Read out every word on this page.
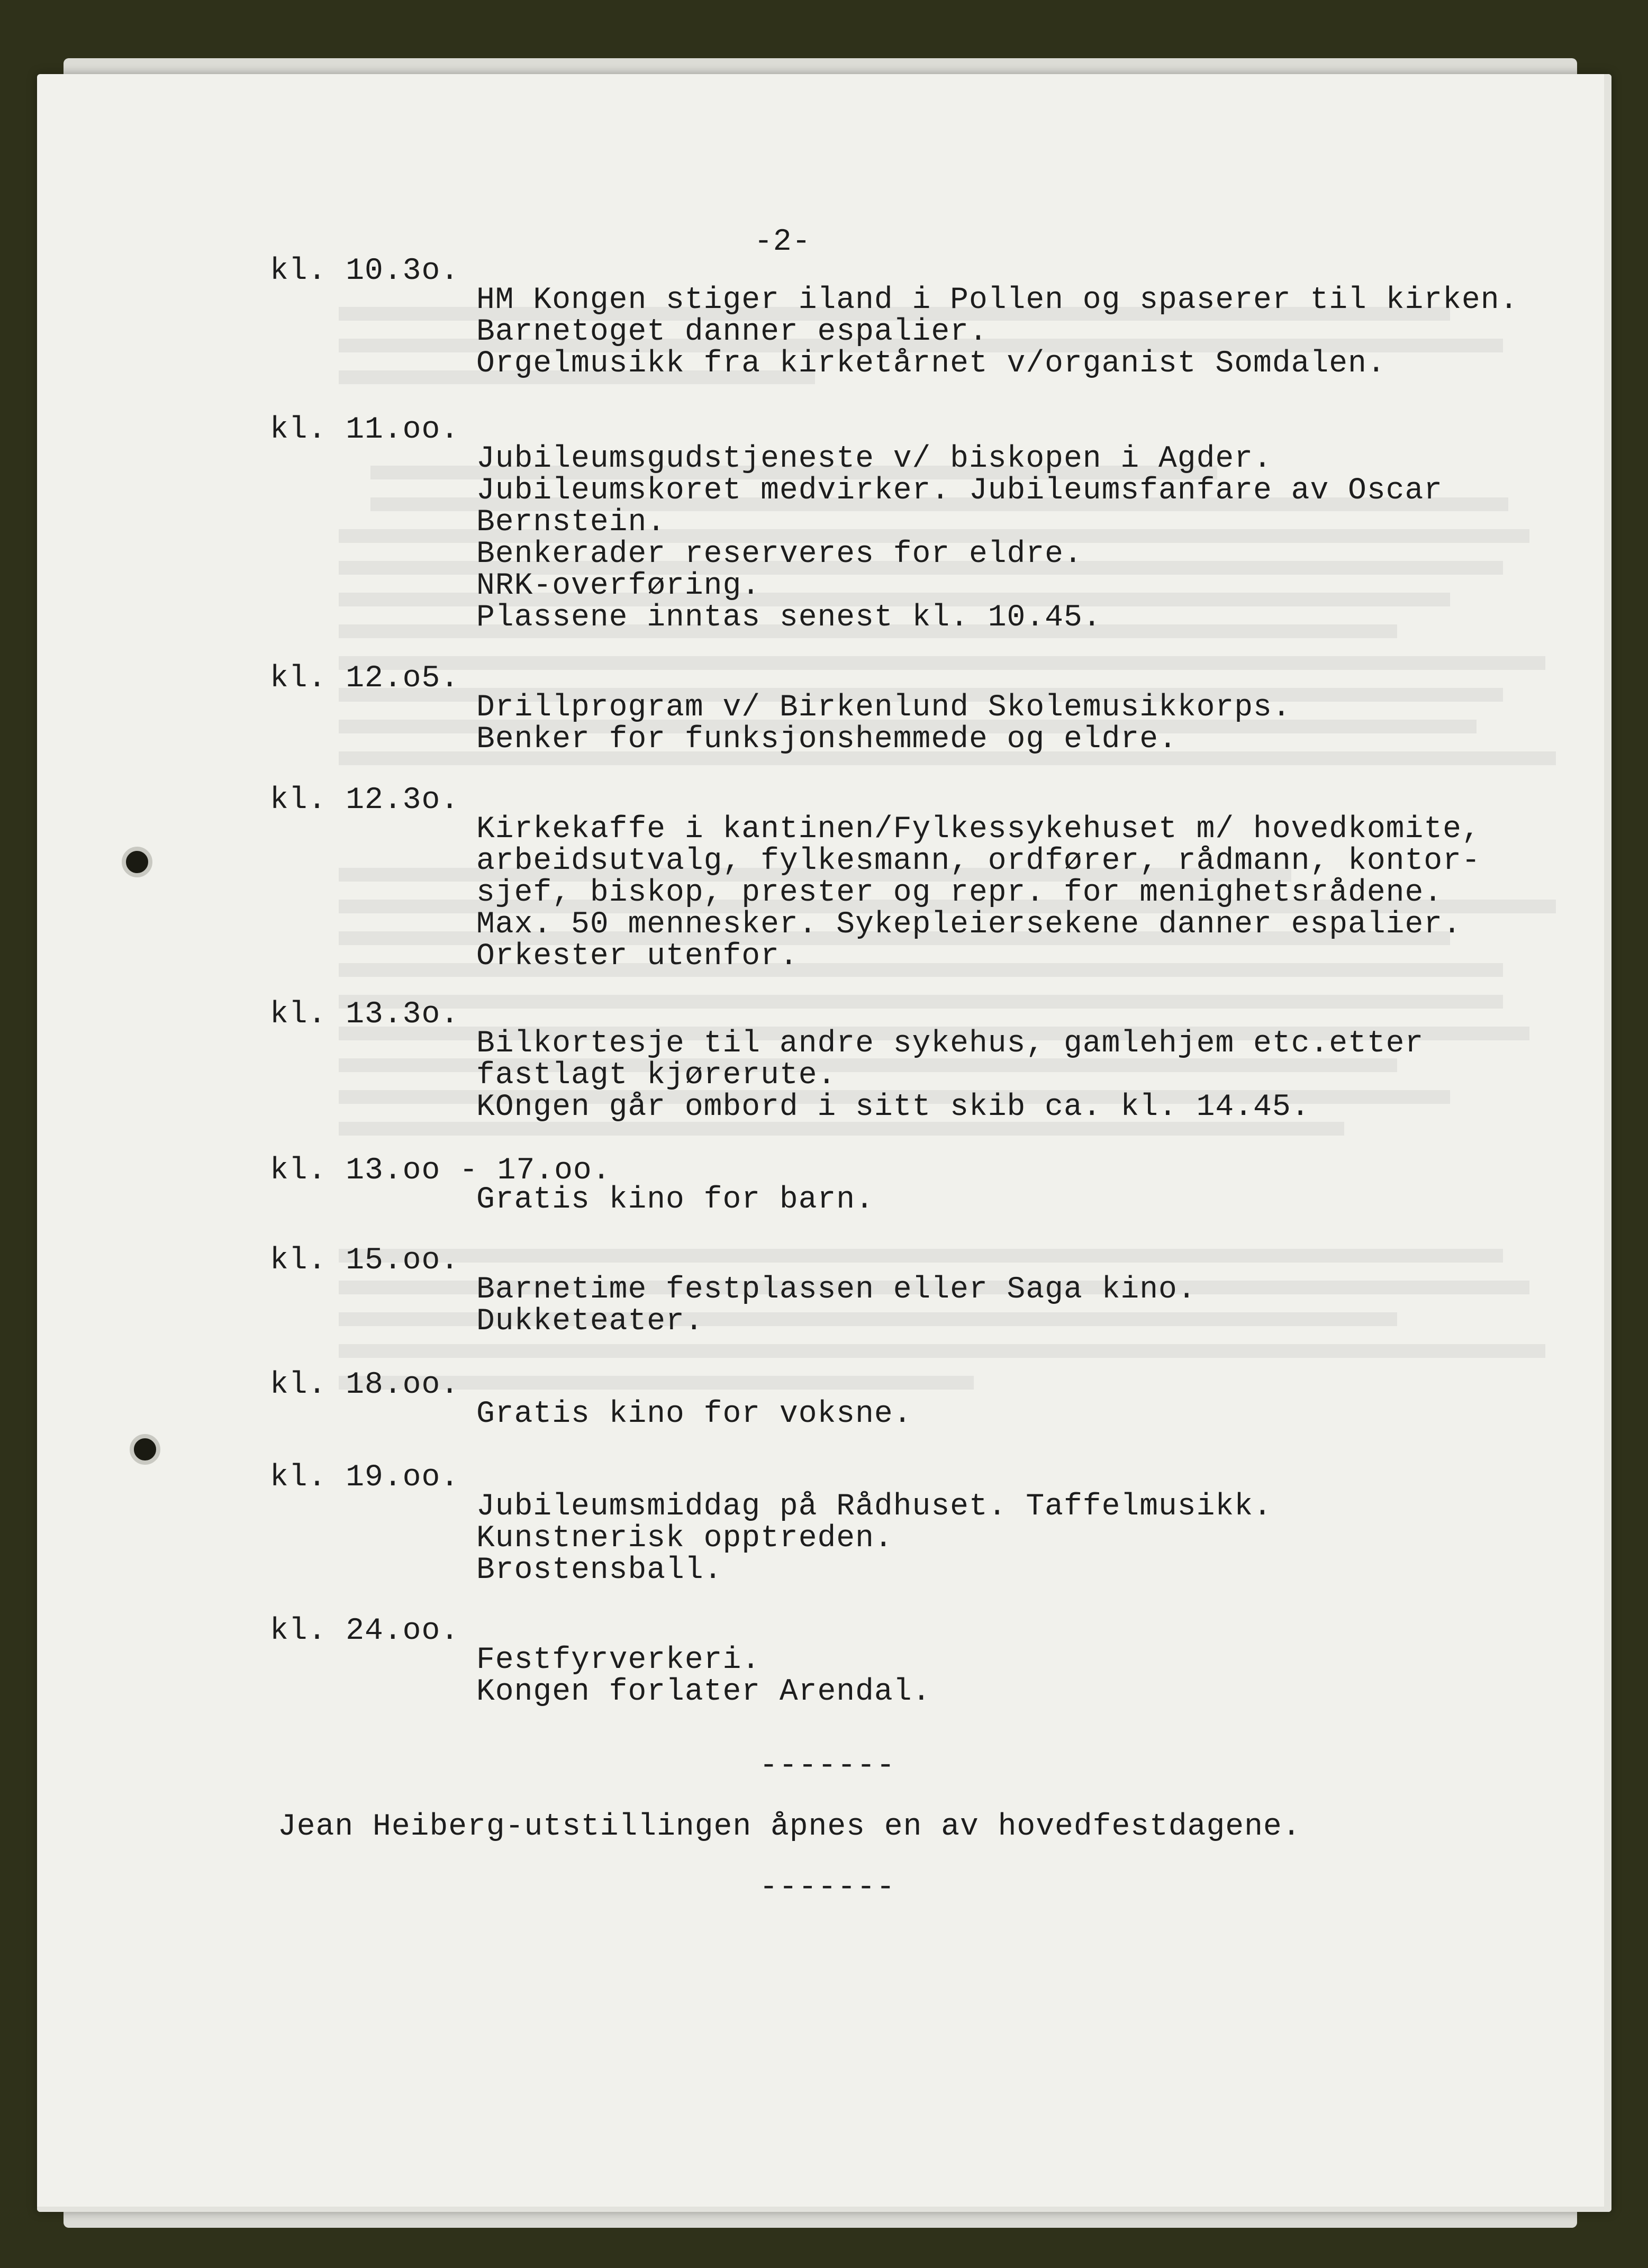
-2-
kl. 10.3o.
HM Kongen stiger iland i Pollen og spaserer til kirken.
Barnetoget danner espalier.
Orgelmusikk fra kirketårnet v/organist Somdalen.
kl. 11.oo.
Jubileumsgudstjeneste v/ biskopen i Agder.
Jubileumskoret medvirker. Jubileumsfanfare av Oscar
Bernstein.
Benkerader reserveres for eldre.
NRK-overføring.
Plassene inntas senest kl. 10.45.
kl. 12.o5.
Drillprogram v/ Birkenlund Skolemusikkorps.
Benker for funksjonshemmede og eldre.
kl. 12.3o.
Kirkekaffe i kantinen/Fylkessykehuset m/ hovedkomite,
arbeidsutvalg, fylkesmann, ordfører, rådmann, kontor-
sjef, biskop, prester og repr. for menighetsrådene.
Max. 50 mennesker. Sykepleiersekene danner espalier.
Orkester utenfor.
kl. 13.3o.
Bilkortesje til andre sykehus, gamlehjem etc.etter
fastlagt kjørerute.
KOngen går ombord i sitt skib ca. kl. 14.45.
kl. 13.oo - 17.oo.
Gratis kino for barn.
kl. 15.oo.
Barnetime festplassen eller Saga kino.
Dukketeater.
kl. 18.oo.
Gratis kino for voksne.
kl. 19.oo.
Jubileumsmiddag på Rådhuset. Taffelmusikk.
Kunstnerisk opptreden.
Brostensball.
kl. 24.oo.
Festfyrverkeri.
Kongen forlater Arendal.
-------
Jean Heiberg-utstillingen åpnes en av hovedfestdagene.
-------
